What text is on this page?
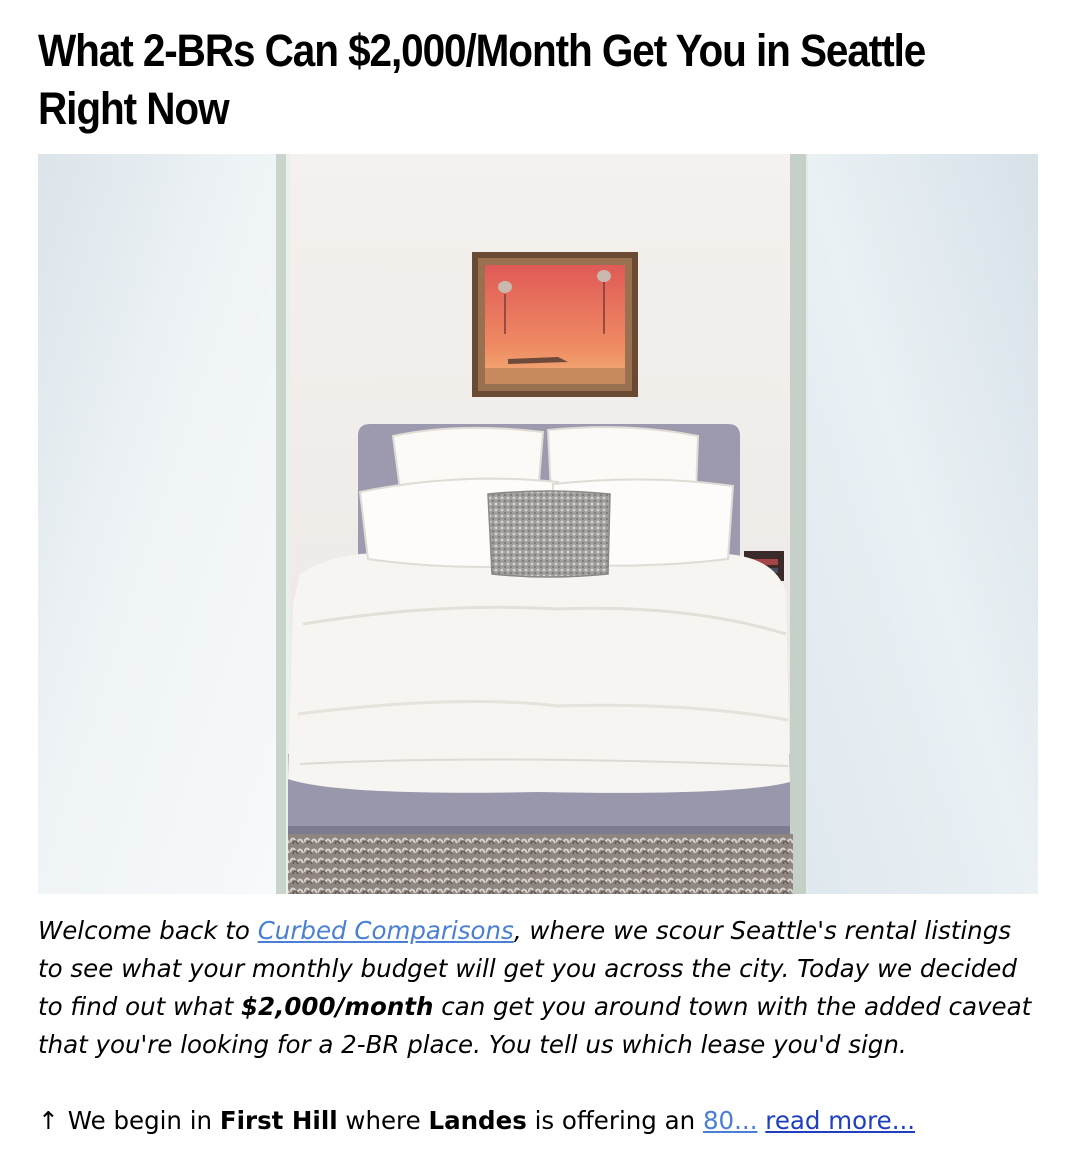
What 2-BRs Can $2,000/Month Get You in Seattle Right Now

Welcome back to Curbed Comparisons, where we scour Seattle's rental listings to see what your monthly budget will get you across the city. Today we decided to find out what $2,000/month can get you around town with the added caveat that you're looking for a 2-BR place. You tell us which lease you'd sign.

↑ We begin in First Hill where Landes is offering an 80... read more...
